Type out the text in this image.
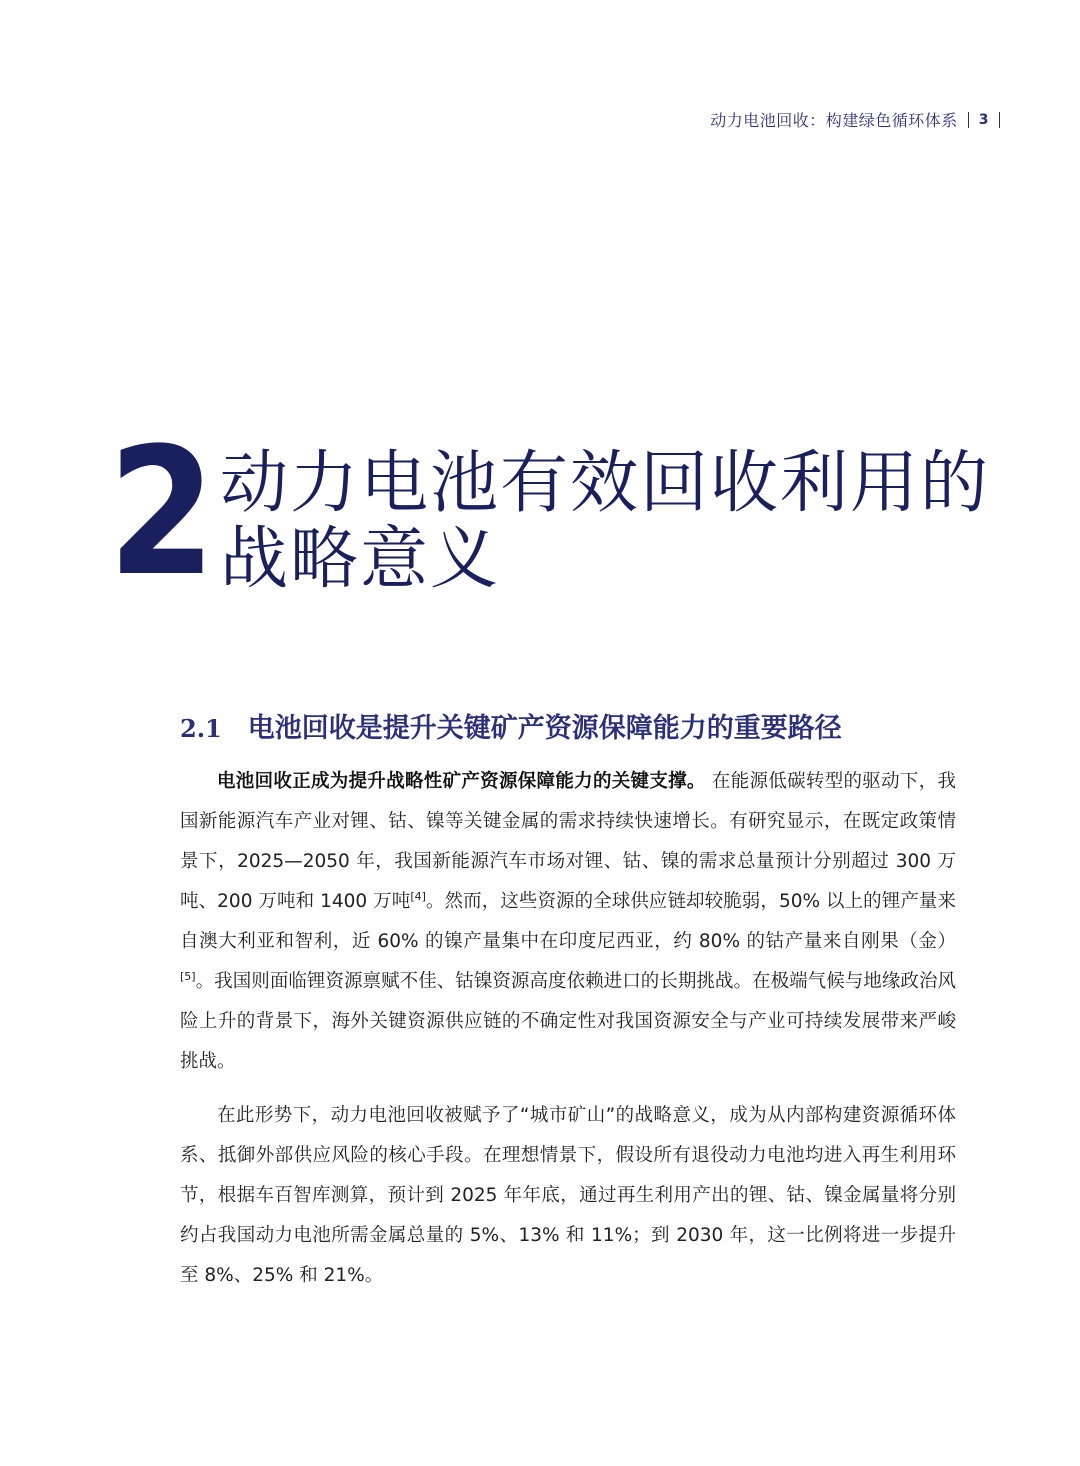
动力电池回收：构建绿色循环体系 3
2 动力电池有效回收利用的
战略意义
2.1 电池回收是提升关键矿产资源保障能力的重要路径

电池回收正成为提升战略性矿产资源保障能力的关键支撑。 在能源低碳转型的驱动下，我国新能源汽车产业对锂、钴、镍等关键金属的需求持续快速增长。有研究显示，在既定政策情景下，2025—2050 年，我国新能源汽车市场对锂、钴、镍的需求总量预计分别超过 300 万吨、200 万吨和 1400 万吨[4]。然而，这些资源的全球供应链却较脆弱，50% 以上的锂产量来自澳大利亚和智利，近 60% 的镍产量集中在印度尼西亚，约 80% 的钴产量来自刚果（金）[5]。我国则面临锂资源禀赋不佳、钴镍资源高度依赖进口的长期挑战。在极端气候与地缘政治风险上升的背景下，海外关键资源供应链的不确定性对我国资源安全与产业可持续发展带来严峻挑战。

在此形势下，动力电池回收被赋予了“城市矿山”的战略意义，成为从内部构建资源循环体系、抵御外部供应风险的核心手段。在理想情景下，假设所有退役动力电池均进入再生利用环节，根据车百智库测算，预计到 2025 年年底，通过再生利用产出的锂、钴、镍金属量将分别约占我国动力电池所需金属总量的 5%、13% 和 11%；到 2030 年，这一比例将进一步提升至 8%、25% 和 21%。
